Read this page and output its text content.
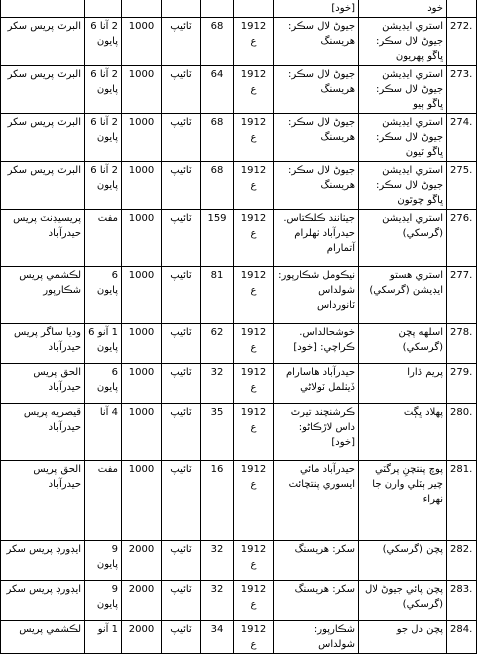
	خود	[خود]						
272.	استري ايڊيشن جيوڻ لال سڪر: ڀاڱو پهريون	جيوڻ لال سڪر: هريسنگ	1912 ع	68	ٽائيپ	1000	2 آنا 6 پايون	البرٽ پريس سکر
273.	استري ايڊيشن جيوڻ لال سڪر: ڀاڱو ٻيو	جيوڻ لال سڪر: هريسنگ	1912 ع	64	ٽائيپ	1000	2 آنا 6 پايون	البرٽ پريس سکر
274.	استري ايڊيشن جيوڻ لال سڪر: ڀاڱو ٽيون	جيوڻ لال سڪر: هريسنگ	1912 ع	68	ٽائيپ	1000	2 آنا 6 پايون	البرٽ پريس سکر
275.	استري ايڊيشن جيوڻ لال سڪر: ڀاڱو چوٿون	جيوڻ لال سڪر: هريسنگ	1912 ع	68	ٽائيپ	1000	2 آنا 6 پايون	البرٽ پريس سکر
276.	استري ايڊيشن (گرسکي)	جيٺانند ڪلڪتاس. حيدرآباد ٺهلرام آتمارام	1912 ع	159	ٽائيپ	1000	مفت	پريسيڊنٽ پريس حيدرآباد
277.	استري هستو ايڊيشن (گرسکي)	نيڪومل شڪارپور: شولداس ٽانورداس	1912 ع	81	ٽائيپ	1000	6 پايون	لڪشمي پريس شڪارپور
278.	اسلهه پچن (گرسکي)	خوشحالداس. ڪراچي: [خود]	1912 ع	62	ٽائيپ	1000	1 آنو 6 پايون	وديا ساگر پريس حيدرآباد
279.	پريم ڌارا	حيدرآباد هاسارام ڏيٺلمل ٽولاڻي	1912 ع	32	ٽائيپ	1000	6 پايون	الحق پريس حيدرآباد
280.	پهلاد ڀڳت	ڪرشنچند تيرٿ داس لاڙڪاڻو: [خود]	1912 ع	35	ٽائيپ	1000	4 آنا	قيصريه پريس حيدرآباد
281.	پوچ پنتچنِ پرگٽي چير ٻٽلي وارن جا نهراء	حيدرآباد مائي ايسوري پنتچائت	1912 ع	16	ٽائيپ	1000	مفت	الحق پريس حيدرآباد
282.	پچن (گرسکي)	سکر: هريسنگ	1912 ع	32	ٽائيپ	2000	9 پايون	ايڊورڊ پريس سکر
283.	پچن پائي جيوڻ لال (گرسکي)	سکر: هريسنگ	1912 ع	32	ٽائيپ	2000	9 پايون	ايڊورڊ پريس سکر
284.	پچن دل جو	شڪارپور: شولداس	1912 ع	34	ٽائيپ	2000	1 آنو	لڪشمي پريس
